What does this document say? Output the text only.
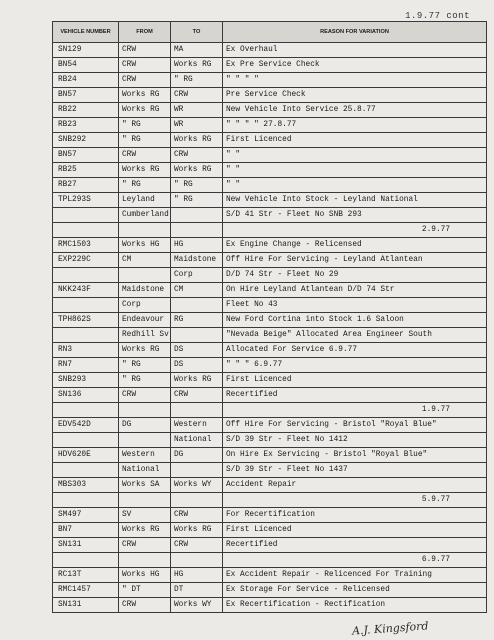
1.9.77 cont
VEHICLE NUMBER	FROM	TO	REASON FOR VARIATION
SN129	CRW	MA	Ex Overhaul
BN54	CRW	Works RG	Ex Pre Service Check
RB24	CRW	" RG	" " " "
BN57	Works RG	CRW	Pre Service Check
RB22	Works RG	WR	New Vehicle Into Service 25.8.77
RB23	" RG	WR	" " " " 27.8.77
SNB292	" RG	Works RG	First Licenced
BN57	CRW	CRW	" "
RB25	Works RG	Works RG	" "
RB27	" RG	" RG	" "
TPL293S	Leyland	" RG	New Vehicle Into Stock - Leyland National
	Cumberland		S/D 41 Str - Fleet No SNB 293
			2.9.77
RMC1503	Works HG	HG	Ex Engine Change - Relicensed
EXP229C	CM	Maidstone	Off Hire For Servicing - Leyland Atlantean
		Corp	D/D 74 Str - Fleet No 29
NKK243F	Maidstone	CM	On Hire Leyland Atlantean D/D 74 Str
	Corp		Fleet No 43
TPH862S	Endeavour	RG	New Ford Cortina into Stock 1.6 Saloon
	Redhill Sv		"Nevada Beige" Allocated Area Engineer South
RN3	Works RG	DS	Allocated For Service 6.9.77
RN7	" RG	DS	" " " 6.9.77
SNB293	" RG	Works RG	First Licenced
SN136	CRW	CRW	Recertified
			1.9.77
EDV542D	DG	Western	Off Hire For Servicing - Bristol "Royal Blue"
		National	S/D 39 Str - Fleet No 1412
HDV620E	Western	DG	On Hire Ex Servicing - Bristol "Royal Blue"
	National		S/D 39 Str - Fleet No 1437
MBS303	Works SA	Works WY	Accident Repair
			5.9.77
SM497	SV	CRW	For Recertification
BN7	Works RG	Works RG	First Licenced
SN131	CRW	CRW	Recertified
			6.9.77
RC13T	Works HG	HG	Ex Accident Repair - Relicenced For Training
RMC1457	" DT	DT	Ex Storage For Service - Relicensed
SN131	CRW	Works WY	Ex Recertification - Rectification
A.J. Kingsford
